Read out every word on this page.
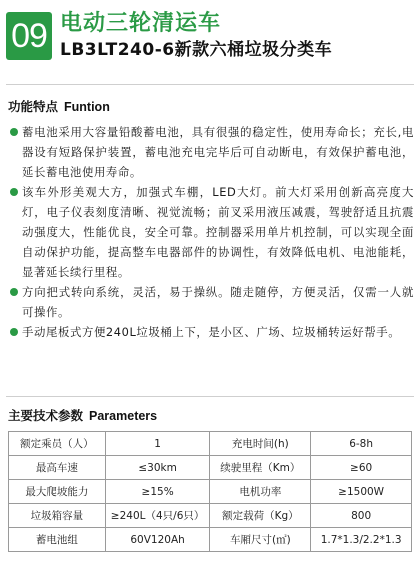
09 电动三轮清运车
LB3LT240-6新款六桶垃圾分类车
功能特点 Funtion

蓄电池采用大容量铅酸蓄电池，具有很强的稳定性，使用寿命长；充长,电器设有短路保护装置，蓄电池充电完毕后可自动断电，有效保护蓄电池，延长蓄电池使用寿命。

该车外形美观大方，加强式车棚，LED大灯。前大灯采用创新高亮度大灯，电子仪表刻度清晰、视觉流畅；前叉采用液压减震，驾驶舒适且抗震动强度大，性能优良，安全可靠。控制器采用单片机控制，可以实现全面自动保护功能，提高整车电器部件的协调性，有效降低电机、电池能耗，显著延长续行里程。

方向把式转向系统，灵活，易于操纵。随走随停，方便灵活，仅需一人就可操作。

手动尾板式方便240L垃圾桶上下，是小区、广场、垃圾桶转运好帮手。

主要技术参数 Parameters
额定乘员（人）	1	充电时间(h)	6-8h
最高车速	≤30km	续驶里程（Km）	≥60
最大爬坡能力	≥15%	电机功率	≥1500W
垃圾箱容量	≥240L（4只/6只）	额定载荷（Kg）	800
蓄电池组	60V120Ah	车厢尺寸(㎡)	1.7*1.3/2.2*1.3
